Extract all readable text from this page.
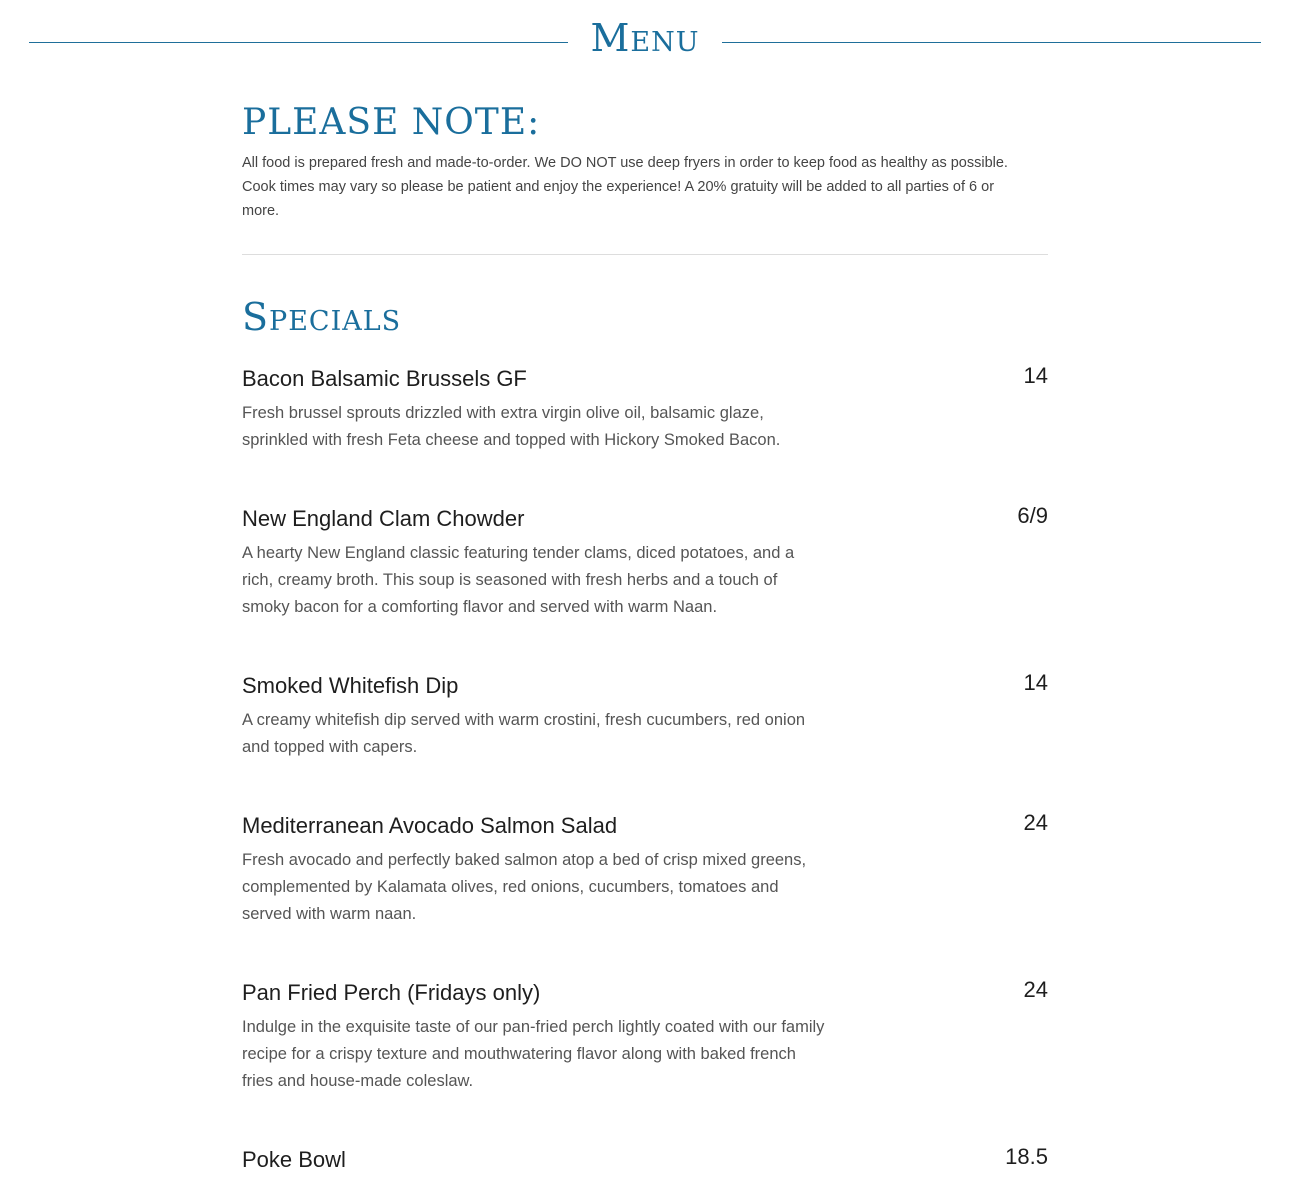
Menu
PLEASE NOTE:
All food is prepared fresh and made-to-order. We DO NOT use deep fryers in order to keep food as healthy as possible. Cook times may vary so please be patient and enjoy the experience! A 20% gratuity will be added to all parties of 6 or more.
Specials
Bacon Balsamic Brussels GF	14
Fresh brussel sprouts drizzled with extra virgin olive oil, balsamic glaze, sprinkled with fresh Feta cheese and topped with Hickory Smoked Bacon.
New England Clam Chowder	6/9
A hearty New England classic featuring tender clams, diced potatoes, and a rich, creamy broth. This soup is seasoned with fresh herbs and a touch of smoky bacon for a comforting flavor and served with warm Naan.
Smoked Whitefish Dip	14
A creamy whitefish dip served with warm crostini, fresh cucumbers, red onion and topped with capers.
Mediterranean Avocado Salmon Salad	24
Fresh avocado and perfectly baked salmon atop a bed of crisp mixed greens, complemented by Kalamata olives, red onions, cucumbers, tomatoes and served with warm naan.
Pan Fried Perch (Fridays only)	24
Indulge in the exquisite taste of our pan-fried perch lightly coated with our family recipe for a crispy texture and mouthwatering flavor along with baked french fries and house-made coleslaw.
Poke Bowl	18.5
